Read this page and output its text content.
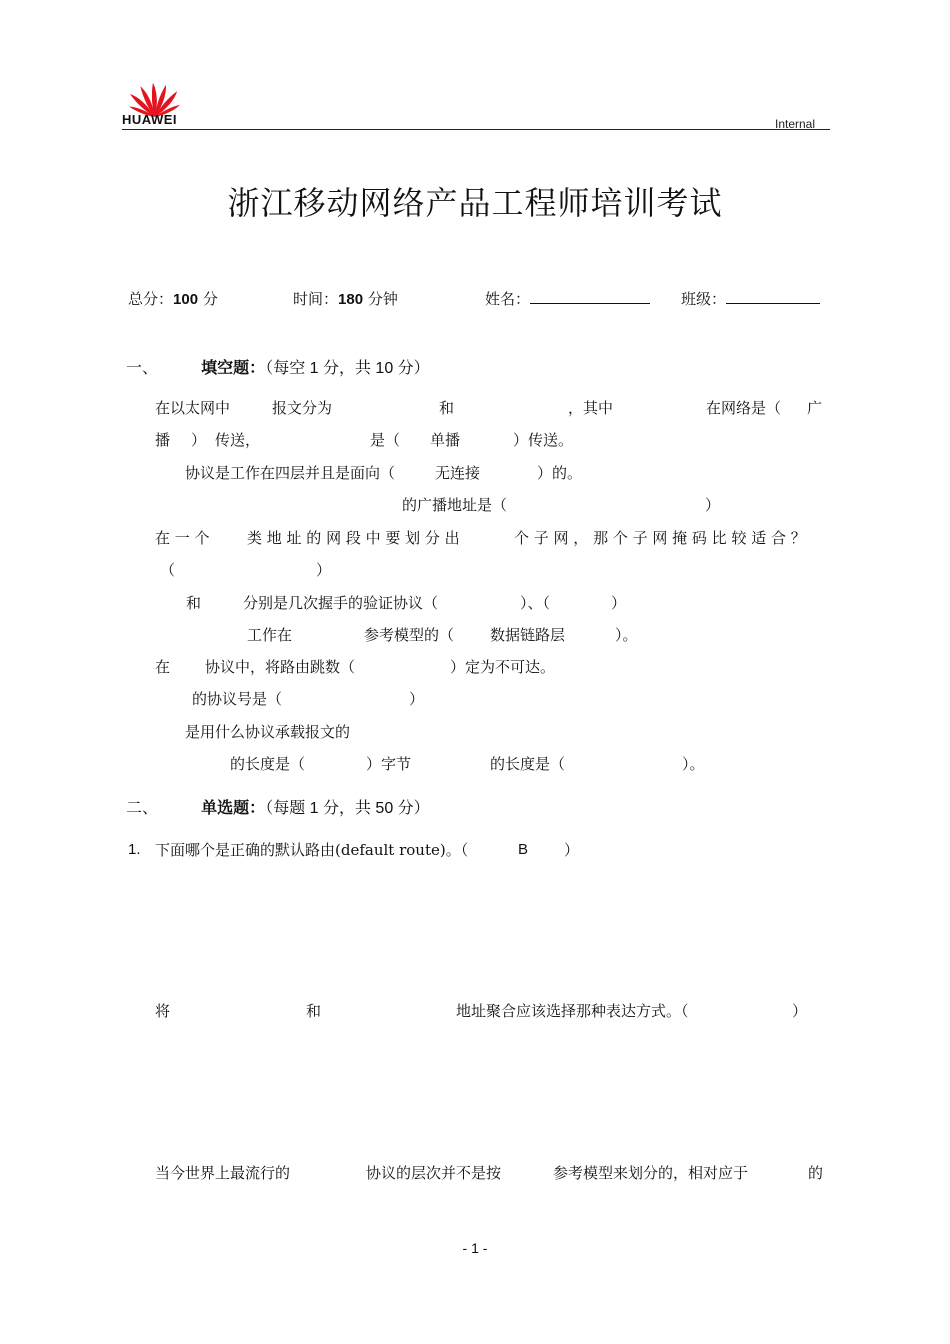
HUAWEI	Internal
浙江移动网络产品工程师培训考试
总分：100 分	时间：180 分钟	姓名：	班级：
一、	填空题：（每空 1 分，共 10 分）
在以太网中	报文分为	和	，其中	在网络是（ 广
播 ） 传送，	是（ 单播	）传送。
协议是工作在四层并且是面向（	无连接	）的。
的广播地址是（	）
在 一 个 类 地 址 的 网 段 中 要 划 分 出	个 子 网 ， 那 个 子 网 掩 码 比 较 适 合 ？
（	）
和	分别是几次握手的验证协议（	）、（	）
工作在	参考模型的（ 数据链路层	）。
在 协议中，将路由跳数（	）定为不可达。
的协议号是（	）
是用什么协议承载报文的
的长度是（	）字节	的长度是（	）。
二、	单选题：（每题 1 分，共 50 分）
1. 下面哪个是正确的默认路由(default route)。（	B ）
将	和	地址聚合应该选择那种表达方式。（	）
当今世界上最流行的	协议的层次并不是按	参考模型来划分的，相对应于	的
- 1 -
